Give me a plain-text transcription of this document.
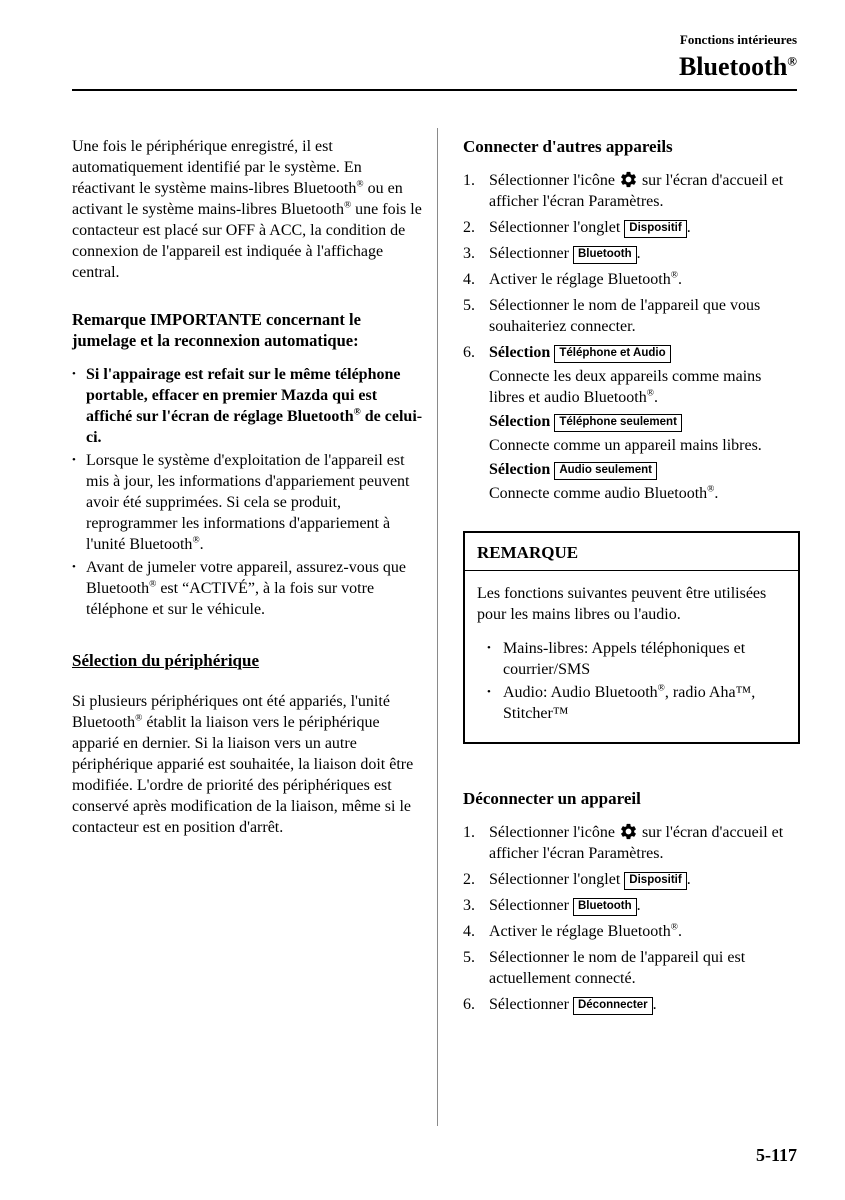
Fonctions intérieures
Bluetooth®

Une fois le périphérique enregistré, il est automatiquement identifié par le système. En réactivant le système mains-libres Bluetooth® ou en activant le système mains-libres Bluetooth® une fois le contacteur est placé sur OFF à ACC, la condition de connexion de l'appareil est indiquée à l'affichage central.

Remarque IMPORTANTE concernant le jumelage et la reconnexion automatique:
• Si l'appairage est refait sur le même téléphone portable, effacer en premier Mazda qui est affiché sur l'écran de réglage Bluetooth® de celui-ci.
• Lorsque le système d'exploitation de l'appareil est mis à jour, les informations d'appariement peuvent avoir été supprimées. Si cela se produit, reprogrammer les informations d'appariement à l'unité Bluetooth®.
• Avant de jumeler votre appareil, assurez-vous que Bluetooth® est “ACTIVÉ”, à la fois sur votre téléphone et sur le véhicule.
Sélection du périphérique

Si plusieurs périphériques ont été appariés, l'unité Bluetooth® établit la liaison vers le périphérique apparié en dernier. Si la liaison vers un autre périphérique apparié est souhaitée, la liaison doit être modifiée. L'ordre de priorité des périphériques est conservé après modification de la liaison, même si le contacteur est en position d'arrêt.

Connecter d'autres appareils
1. Sélectionner l'icône
sur l'écran d'accueil et afficher l'écran Paramètres.
2. Sélectionner l'onglet Dispositif .
3. Sélectionner Bluetooth .
4. Activer le réglage Bluetooth®.
5. Sélectionner le nom de l'appareil que vous souhaiteriez connecter.
6. Sélection Téléphone et Audio
Connecte les deux appareils comme mains libres et audio Bluetooth®.
Sélection Téléphone seulement
Connecte comme un appareil mains libres.
Sélection Audio seulement
Connecte comme audio Bluetooth®.
REMARQUE

Les fonctions suivantes peuvent être utilisées pour les mains libres ou l'audio.

• Mains-libres: Appels téléphoniques et courrier/SMS
• Audio: Audio Bluetooth®, radio Aha™, Stitcher™
Déconnecter un appareil
1. Sélectionner l'icône
sur l'écran d'accueil et afficher l'écran Paramètres.
2. Sélectionner l'onglet Dispositif .
3. Sélectionner Bluetooth .
4. Activer le réglage Bluetooth®.
5. Sélectionner le nom de l'appareil qui est actuellement connecté.
6. Sélectionner Déconnecter .
5-117
